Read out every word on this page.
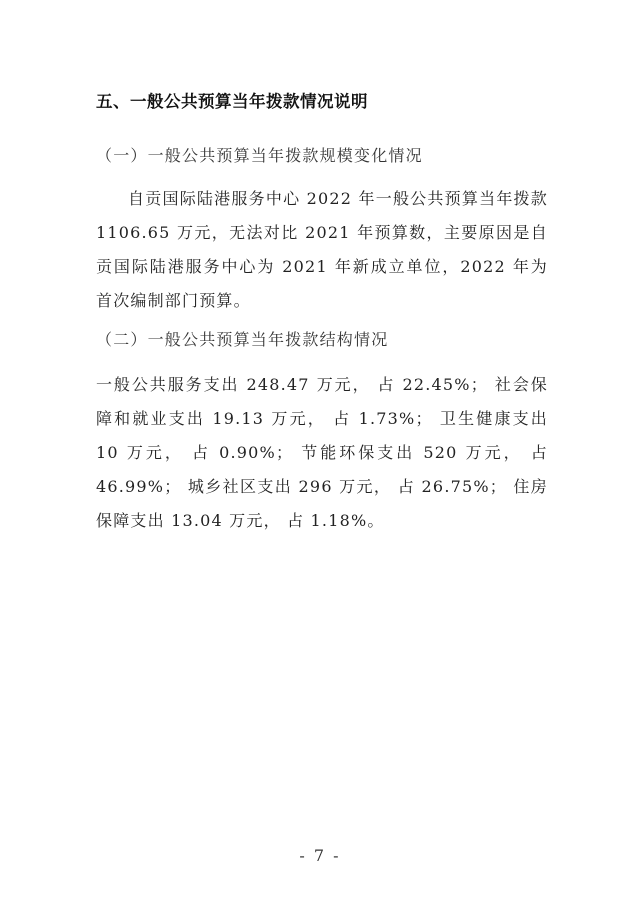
五、一般公共预算当年拨款情况说明
（一）一般公共预算当年拨款规模变化情况
自贡国际陆港服务中心 2022 年一般公共预算当年拨款 1106.65 万元，无法对比 2021 年预算数，主要原因是自贡国际陆港服务中心为 2021 年新成立单位，2022 年为首次编制部门预算。
（二）一般公共预算当年拨款结构情况
一般公共服务支出 248.47 万元， 占 22.45%； 社会保障和就业支出 19.13 万元， 占 1.73%； 卫生健康支出 10 万元， 占 0.90%； 节能环保支出 520 万元， 占 46.99%； 城乡社区支出 296 万元， 占 26.75%； 住房保障支出 13.04 万元， 占 1.18%。
- 7 -
